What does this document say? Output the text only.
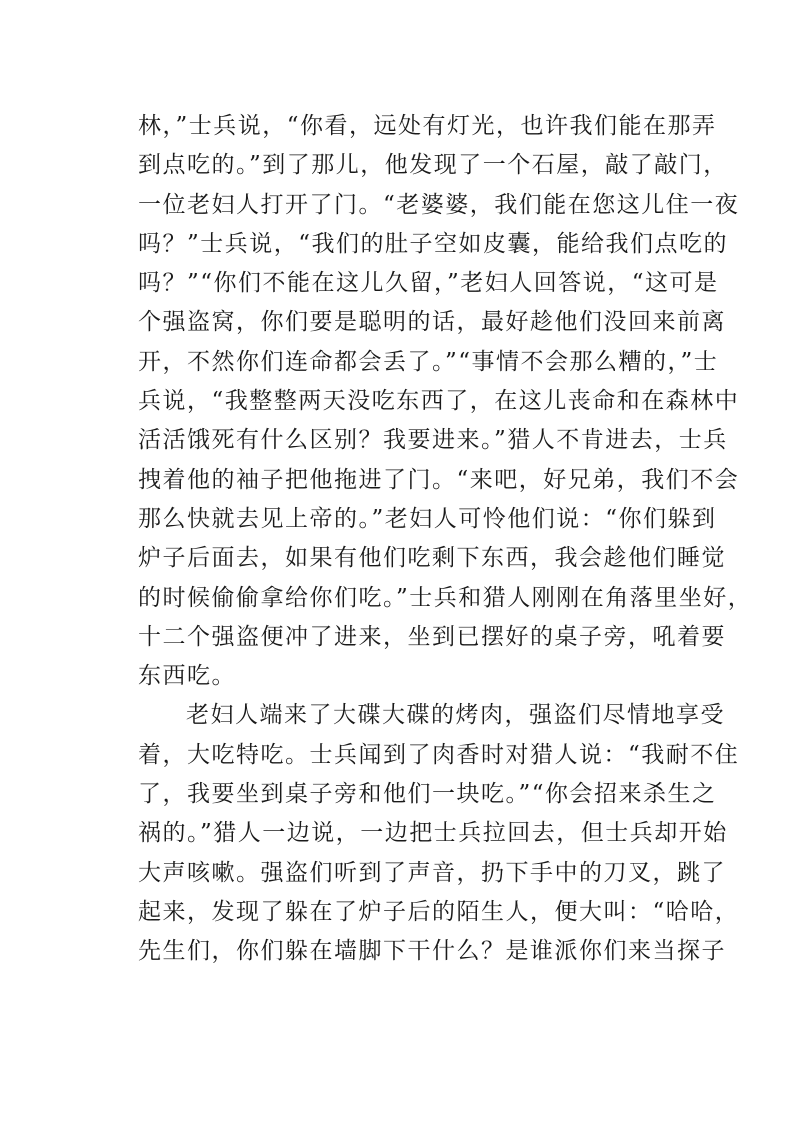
林，”士兵说，“你看，远处有灯光，也许我们能在那弄
到点吃的。”到了那儿，他发现了一个石屋，敲了敲门，
一位老妇人打开了门。“老婆婆，我们能在您这儿住一夜
吗？”士兵说，“我们的肚子空如皮囊，能给我们点吃的
吗？”“你们不能在这儿久留，”老妇人回答说，“这可是
个强盗窝，你们要是聪明的话，最好趁他们没回来前离
开，不然你们连命都会丢了。”“事情不会那么糟的，”士
兵说，“我整整两天没吃东西了，在这儿丧命和在森林中
活活饿死有什么区别？我要进来。”猎人不肯进去，士兵
拽着他的袖子把他拖进了门。“来吧，好兄弟，我们不会
那么快就去见上帝的。”老妇人可怜他们说：“你们躲到
炉子后面去，如果有他们吃剩下东西，我会趁他们睡觉
的时候偷偷拿给你们吃。”士兵和猎人刚刚在角落里坐好，
十二个强盗便冲了进来，坐到已摆好的桌子旁，吼着要
东西吃。
老妇人端来了大碟大碟的烤肉，强盗们尽情地享受
着，大吃特吃。士兵闻到了肉香时对猎人说：“我耐不住
了，我要坐到桌子旁和他们一块吃。”“你会招来杀生之
祸的。”猎人一边说，一边把士兵拉回去，但士兵却开始
大声咳嗽。强盗们听到了声音，扔下手中的刀叉，跳了
起来，发现了躲在了炉子后的陌生人，便大叫：“哈哈，
先生们，你们躲在墙脚下干什么？是谁派你们来当探子
